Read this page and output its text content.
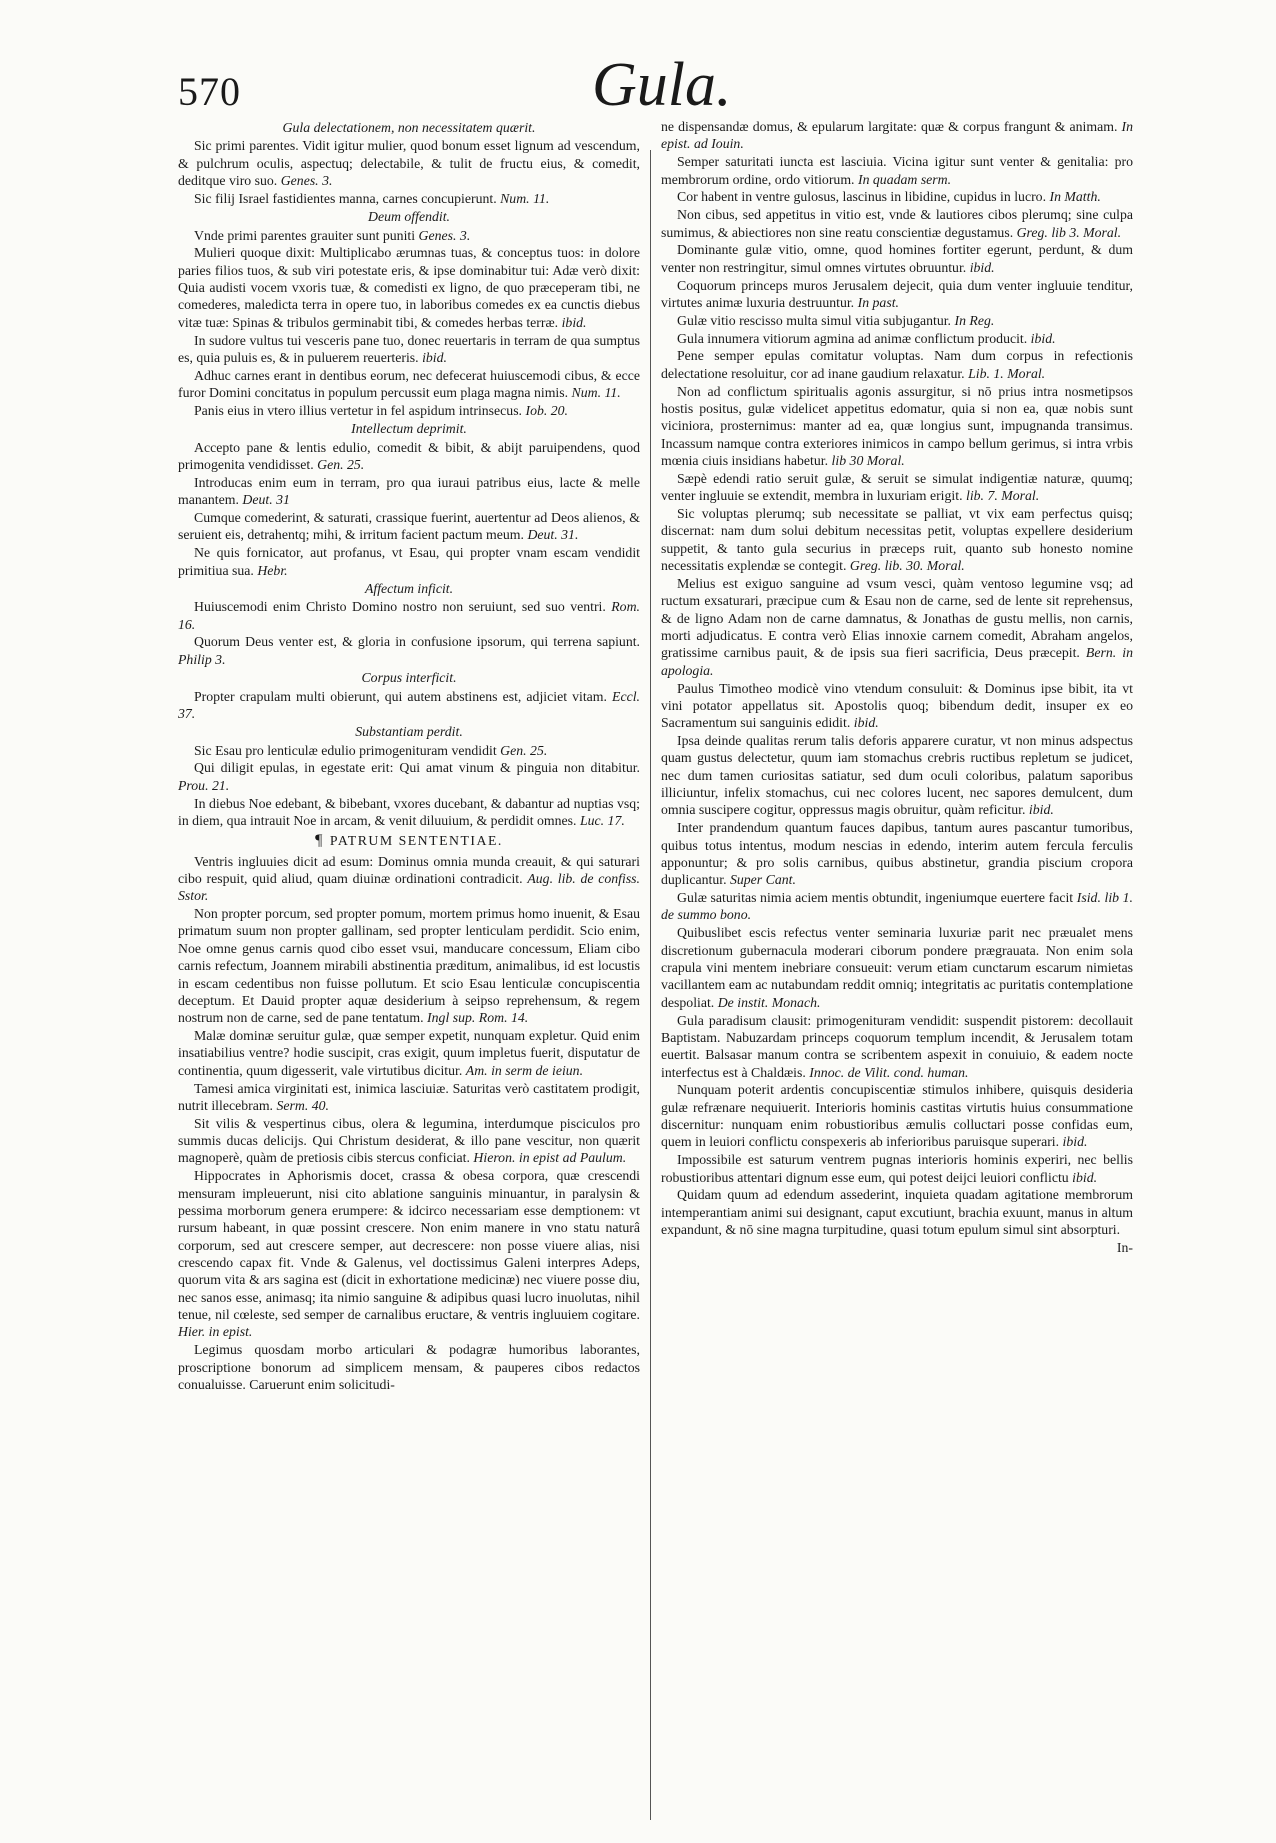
570	Gula.
Gula delectationem, non necessitatem quærit.
Sic primi parentes. Vidit igitur mulier, quod bonum esset lignum ad vescendum, & pulchrum oculis, aspectuq; delectabile, & tulit de fructu eius, & comedit, deditque viro suo. Genes. 3.
Sic filij Israel fastidientes manna, carnes concupierunt. Num. 11.
Deum offendit.
Vnde primi parentes grauiter sunt puniti Genes. 3.
Mulieri quoque dixit: Multiplicabo ærumnas tuas, & conceptus tuos: in dolore paries filios tuos, & sub viri potestate eris, & ipse dominabitur tui: Adæ verò dixit: Quia audisti vocem vxoris tuæ, & comedisti ex ligno, de quo præceperam tibi, ne comederes, maledicta terra in opere tuo, in laboribus comedes ex ea cunctis diebus vitæ tuæ: Spinas & tribulos germinabit tibi, & comedes herbas terræ. ibid.
In sudore vultus tui vesceris pane tuo, donec reuertaris in terram de qua sumptus es, quia puluis es, & in puluerem reuerteris. ibid.
Adhuc carnes erant in dentibus eorum, nec defecerat huiuscemodi cibus, & ecce furor Domini concitatus in populum percussit eum plaga magna nimis. Num. 11.
Panis eius in vtero illius vertetur in fel aspidum intrinsecus. Iob. 20.
Intellectum deprimit.
Accepto pane & lentis edulio, comedit & bibit, & abijt paruipendens, quod primogenita vendidisset. Gen. 25.
Introducas enim eum in terram, pro qua iuraui patribus eius, lacte & melle manantem. Deut. 31
Cumque comederint, & saturati, crassique fuerint, auertentur ad Deos alienos, & seruient eis, detrahentq; mihi, & irritum facient pactum meum. Deut. 31.
Ne quis fornicator, aut profanus, vt Esau, qui propter vnam escam vendidit primitiua sua. Hebr.
Affectum inficit.
Huiuscemodi enim Christo Domino nostro non seruiunt, sed suo ventri. Rom. 16.
Quorum Deus venter est, & gloria in confusione ipsorum, qui terrena sapiunt. Philip 3.
Corpus interficit.
Propter crapulam multi obierunt, qui autem abstinens est, adjiciet vitam. Eccl. 37.
Substantiam perdit.
Sic Esau pro lenticulæ edulio primogenituram vendidit Gen. 25.
Qui diligit epulas, in egestate erit: Qui amat vinum & pinguia non ditabitur. Prou. 21.
In diebus Noe edebant, & bibebant, vxores ducebant, & dabantur ad nuptias vsq; in diem, qua intrauit Noe in arcam, & venit diluuium, & perdidit omnes. Luc. 17.
¶ PATRUM SENTENTIAE.
Ventris ingluuies dicit ad esum: Dominus omnia munda creauit, & qui saturari cibo respuit, quid aliud, quam diuinæ ordinationi contradicit. Aug. lib. de confiss. Sstor.
Non propter porcum, sed propter pomum, mortem primus homo inuenit, & Esau primatum suum non propter gallinam, sed propter lenticulam perdidit. Scio enim, Noe omne genus carnis quod cibo esset vsui, manducare concessum, Eliam cibo carnis refectum, Joannem mirabili abstinentia præditum, animalibus, id est locustis in escam cedentibus non fuisse pollutum. Et scio Esau lenticulæ concupiscentia deceptum. Et Dauid propter aquæ desiderium à seipso reprehensum, & regem nostrum non de carne, sed de pane tentatum. Ingl sup. Rom. 14.
Malæ dominæ seruitur gulæ, quæ semper expetit, nunquam expletur. Quid enim insatiabilius ventre? hodie suscipit, cras exigit, quum impletus fuerit, disputatur de continentia, quum digesserit, vale virtutibus dicitur. Am. in serm de ieiun.
Tamesi amica virginitati est, inimica lasciuiæ. Saturitas verò castitatem prodigit, nutrit illecebram. Serm. 40.
Sit vilis & vespertinus cibus, olera & legumina, interdumque pisciculos pro summis ducas delicijs. Qui Christum desiderat, & illo pane vescitur, non quærit magnoperè, quàm de pretiosis cibis stercus conficiat. Hieron. in epist ad Paulum.
Hippocrates in Aphorismis docet, crassa & obesa corpora, quæ crescendi mensuram impleuerunt, nisi cito ablatione sanguinis minuantur, in paralysin & pessima morborum genera erumpere: & idcirco necessariam esse demptionem: vt rursum habeant, in quæ possint crescere. Non enim manere in vno statu naturâ corporum, sed aut crescere semper, aut decrescere: non posse viuere alias, nisi crescendo capax fit. Vnde & Galenus, vel doctissimus Galeni interpres Adeps, quorum vita & ars sagina est (dicit in exhortatione medicinæ) nec viuere posse diu, nec sanos esse, animasq; ita nimio sanguine & adipibus quasi lucro inuolutas, nihil tenue, nil cœleste, sed semper de carnalibus eructare, & ventris ingluuiem cogitare. Hier. in epist.
Legimus quosdam morbo articulari & podagræ humoribus laborantes, proscriptione bonorum ad simplicem mensam, & pauperes cibos redactos conualuisse. Caruerunt enim solicitudi-
ne dispensandæ domus, & epularum largitate: quæ & corpus frangunt & animam. In epist. ad Iouin.
Semper saturitati iuncta est lasciuia. Vicina igitur sunt venter & genitalia: pro membrorum ordine, ordo vitiorum. In quadam serm.
Cor habent in ventre gulosus, lascinus in libidine, cupidus in lucro. In Matth.
Non cibus, sed appetitus in vitio est, vnde & lautiores cibos plerumq; sine culpa sumimus, & abiectiores non sine reatu conscientiæ degustamus. Greg. lib 3. Moral.
Dominante gulæ vitio, omne, quod homines fortiter egerunt, perdunt, & dum venter non restringitur, simul omnes virtutes obruuntur. ibid.
Coquorum princeps muros Jerusalem dejecit, quia dum venter ingluuie tenditur, virtutes animæ luxuria destruuntur. In past.
Gulæ vitio rescisso multa simul vitia subjugantur. In Reg.
Gula innumera vitiorum agmina ad animæ conflictum producit. ibid.
Pene semper epulas comitatur voluptas. Nam dum corpus in refectionis delectatione resoluitur, cor ad inane gaudium relaxatur. Lib. 1. Moral.
Non ad conflictum spiritualis agonis assurgitur, si nō prius intra nosmetipsos hostis positus, gulæ videlicet appetitus edomatur, quia si non ea, quæ nobis sunt viciniora, prosternimus: manter ad ea, quæ longius sunt, impugnanda transimus. Incassum namque contra exteriores inimicos in campo bellum gerimus, si intra vrbis mœnia ciuis insidians habetur. lib 30 Moral.
Sæpè edendi ratio seruit gulæ, & seruit se simulat indigentiæ naturæ, quumq; venter ingluuie se extendit, membra in luxuriam erigit. lib. 7. Moral.
Sic voluptas plerumq; sub necessitate se palliat, vt vix eam perfectus quisq; discernat: nam dum solui debitum necessitas petit, voluptas expellere desiderium suppetit, & tanto gula securius in præceps ruit, quanto sub honesto nomine necessitatis explendæ se contegit. Greg. lib. 30. Moral.
Melius est exiguo sanguine ad vsum vesci, quàm ventoso legumine vsq; ad ructum exsaturari, præcipue cum & Esau non de carne, sed de lente sit reprehensus, & de ligno Adam non de carne damnatus, & Jonathas de gustu mellis, non carnis, morti adjudicatus. E contra verò Elias innoxie carnem comedit, Abraham angelos, gratissime carnibus pauit, & de ipsis sua fieri sacrificia, Deus præcepit. Bern. in apologia.
Paulus Timotheo modicè vino vtendum consuluit: & Dominus ipse bibit, ita vt vini potator appellatus sit. Apostolis quoq; bibendum dedit, insuper ex eo Sacramentum sui sanguinis edidit. ibid.
Ipsa deinde qualitas rerum talis deforis apparere curatur, vt non minus adspectus quam gustus delectetur, quum iam stomachus crebris ructibus repletum se judicet, nec dum tamen curiositas satiatur, sed dum oculi coloribus, palatum saporibus illiciuntur, infelix stomachus, cui nec colores lucent, nec sapores demulcent, dum omnia suscipere cogitur, oppressus magis obruitur, quàm reficitur. ibid.
Inter prandendum quantum fauces dapibus, tantum aures pascantur tumoribus, quibus totus intentus, modum nescias in edendo, interim autem fercula ferculis apponuntur; & pro solis carnibus, quibus abstinetur, grandia piscium cropora duplicantur. Super Cant.
Gulæ saturitas nimia aciem mentis obtundit, ingeniumque euertere facit Isid. lib 1. de summo bono.
Quibuslibet escis refectus venter seminaria luxuriæ parit nec præualet mens discretionum gubernacula moderari ciborum pondere prægrauata. Non enim sola crapula vini mentem inebriare consueuit: verum etiam cunctarum escarum nimietas vacillantem eam ac nutabundam reddit omniq; integritatis ac puritatis contemplatione despoliat. De instit. Monach.
Gula paradisum clausit: primogenituram vendidit: suspendit pistorem: decollauit Baptistam. Nabuzardam princeps coquorum templum incendit, & Jerusalem totam euertit. Balsasar manum contra se scribentem aspexit in conuiuio, & eadem nocte interfectus est à Chaldæis. Innoc. de Vilit. cond. human.
Nunquam poterit ardentis concupiscentiæ stimulos inhibere, quisquis desideria gulæ refrænare nequiuerit. Interioris hominis castitas virtutis huius consummatione discernitur: nunquam enim robustioribus æmulis colluctari posse confidas eum, quem in leuiori conflictu conspexeris ab inferioribus paruisque superari. ibid.
Impossibile est saturum ventrem pugnas interioris hominis experiri, nec bellis robustioribus attentari dignum esse eum, qui potest deijci leuiori conflictu ibid.
Quidam quum ad edendum assederint, inquieta quadam agitatione membrorum intemperantiam animi sui designant, caput excutiunt, brachia exuunt, manus in altum expandunt, & nō sine magna turpitudine, quasi totum epulum simul sint absorpturi.
In-
